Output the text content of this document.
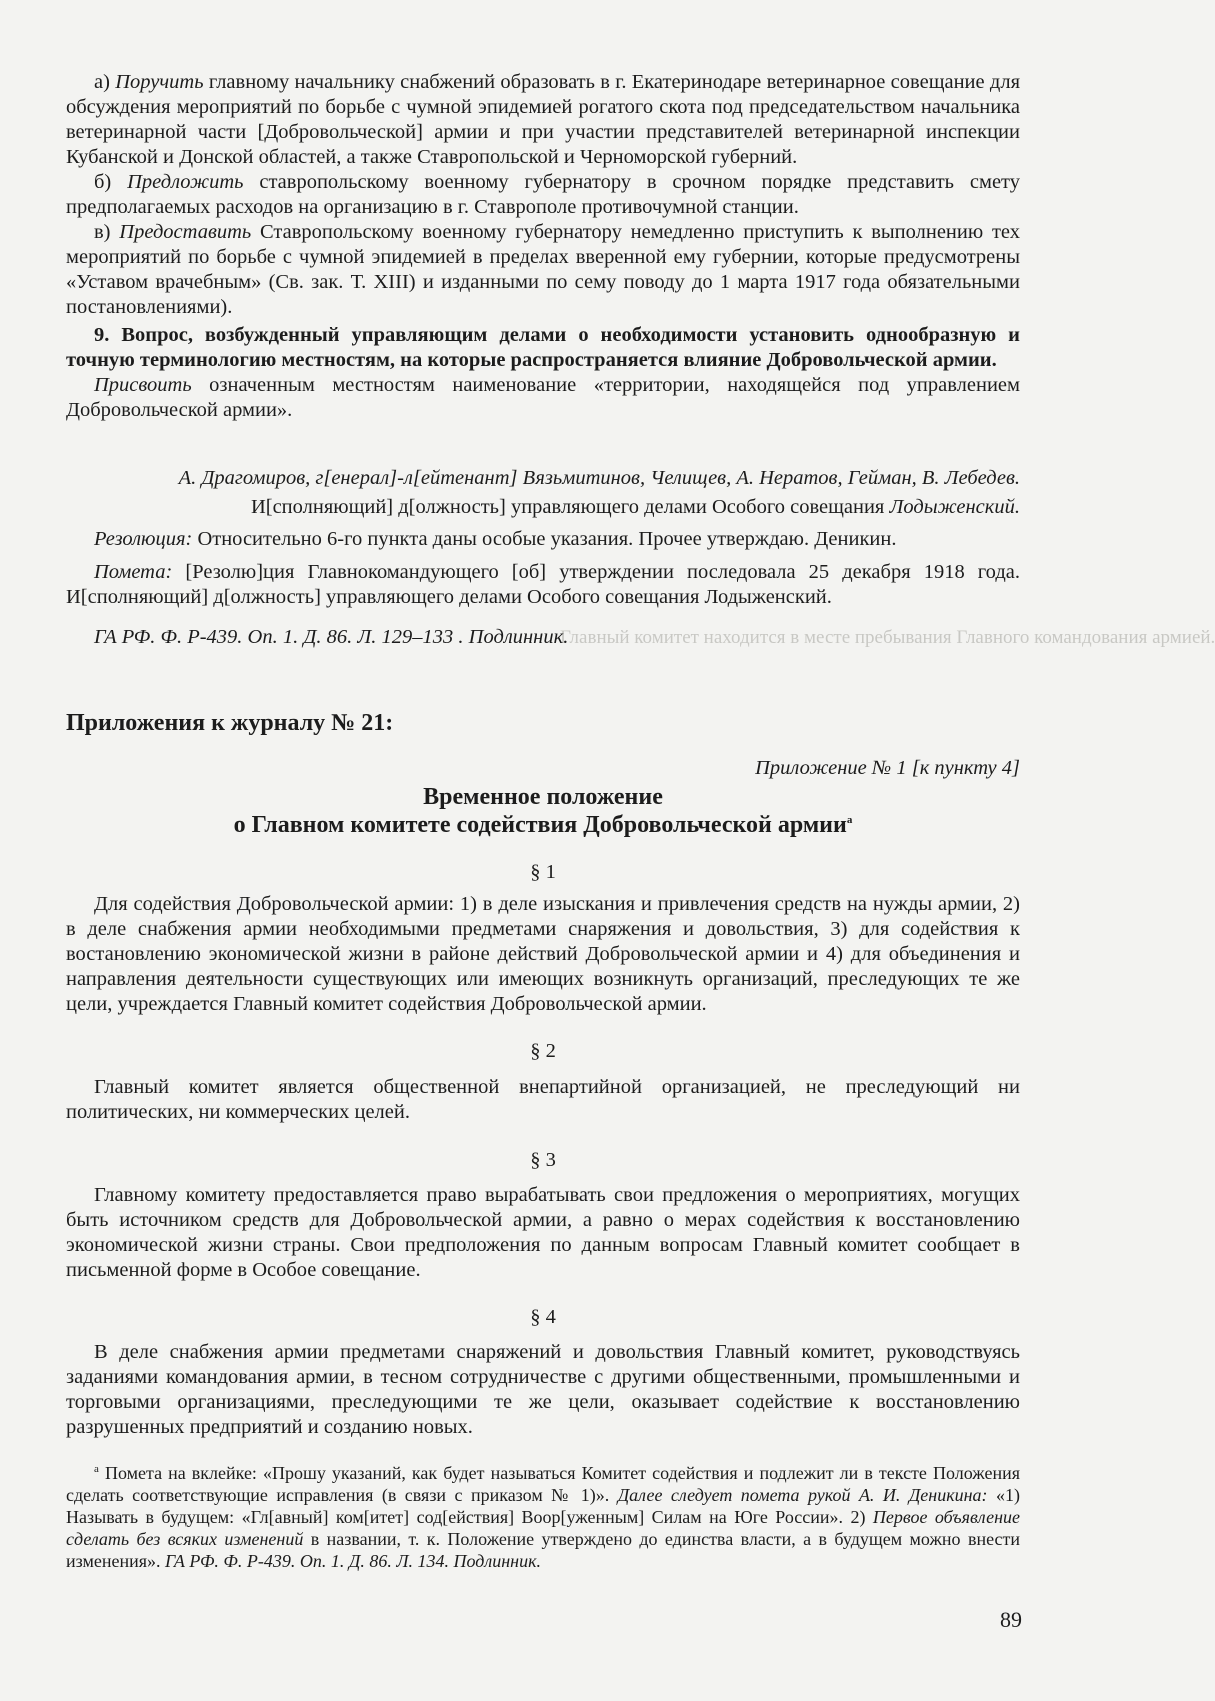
Главный комитет находится в месте пребывания Главного командования армией.

а) Поручить главному начальнику снабжений образовать в г. Екатеринодаре ветеринарное совещание для обсуждения мероприятий по борьбе с чумной эпидемией рогатого скота под председательством начальника ветеринарной части [Добровольческой] армии и при участии представителей ветеринарной инспекции Кубанской и Донской областей, а также Ставропольской и Черноморской губерний.

б) Предложить ставропольскому военному губернатору в срочном порядке представить смету предполагаемых расходов на организацию в г. Ставрополе противочумной станции.

в) Предоставить Ставропольскому военному губернатору немедленно приступить к выполнению тех мероприятий по борьбе с чумной эпидемией в пределах вверенной ему губернии, которые предусмотрены «Уставом врачебным» (Св. зак. Т. XIII) и изданными по сему поводу до 1 марта 1917 года обязательными постановлениями).

9. Вопрос, возбужденный управляющим делами о необходимости установить однообразную и точную терминологию местностям, на которые распространяется влияние Добровольческой армии.

Присвоить означенным местностям наименование «территории, находящейся под управлением Добровольческой армии».

А. Драгомиров, г[енерал]-л[ейтенант] Вязьмитинов, Челищев, А. Нератов, Гейман, В. Лебедев.

И[сполняющий] д[олжность] управляющего делами Особого совещания Лодыженский.

Резолюция: Относительно 6-го пункта даны особые указания. Прочее утверждаю. Деникин.

Помета: [Резолю]ция Главнокомандующего [об] утверждении последовала 25 декабря 1918 года. И[сполняющий] д[олжность] управляющего делами Особого совещания Лодыженский.

ГА РФ. Ф. Р-439. Оп. 1. Д. 86. Л. 129–133 . Подлинник.

Приложения к журналу № 21:

Приложение № 1 [к пункту 4]

Временное положение

о Главном комитете содействия Добровольческой армии$^а$

§ 1

Для содействия Добровольческой армии: 1) в деле изыскания и привлечения средств на нужды армии, 2) в деле снабжения армии необходимыми предметами снаряжения и довольствия, 3) для содействия к востановлению экономической жизни в районе действий Добровольческой армии и 4) для объединения и направления деятельности существующих или имеющих возникнуть организаций, преследующих те же цели, учреждается Главный комитет содействия Добровольческой армии.

§ 2

Главный комитет является общественной внепартийной организацией, не преследующий ни политических, ни коммерческих целей.

§ 3

Главному комитету предоставляется право вырабатывать свои предложения о мероприятиях, могущих быть источником средств для Добровольческой армии, а равно о мерах содействия к восстановлению экономической жизни страны. Свои предположения по данным вопросам Главный комитет сообщает в письменной форме в Особое совещание.

§ 4

В деле снабжения армии предметами снаряжений и довольствия Главный комитет, руководствуясь заданиями командования армии, в тесном сотрудничестве с другими общественными, промышленными и торговыми организациями, преследующими те же цели, оказывает содействие к восстановлению разрушенных предприятий и созданию новых.

$^а$ Помета на вклейке: «Прошу указаний, как будет называться Комитет содействия и подлежит ли в тексте Положения сделать соответствующие исправления (в связи с приказом № 1)». Далее следует помета рукой А. И. Деникина: «1) Называть в будущем: «Гл[авный] ком[итет] сод[ействия] Воор[уженным] Силам на Юге России». 2) Первое объявление сделать без всяких изменений в названии, т. к. Положение утверждено до единства власти, а в будущем можно внести изменения». ГА РФ. Ф. Р-439. Оп. 1. Д. 86. Л. 134. Подлинник.

89
